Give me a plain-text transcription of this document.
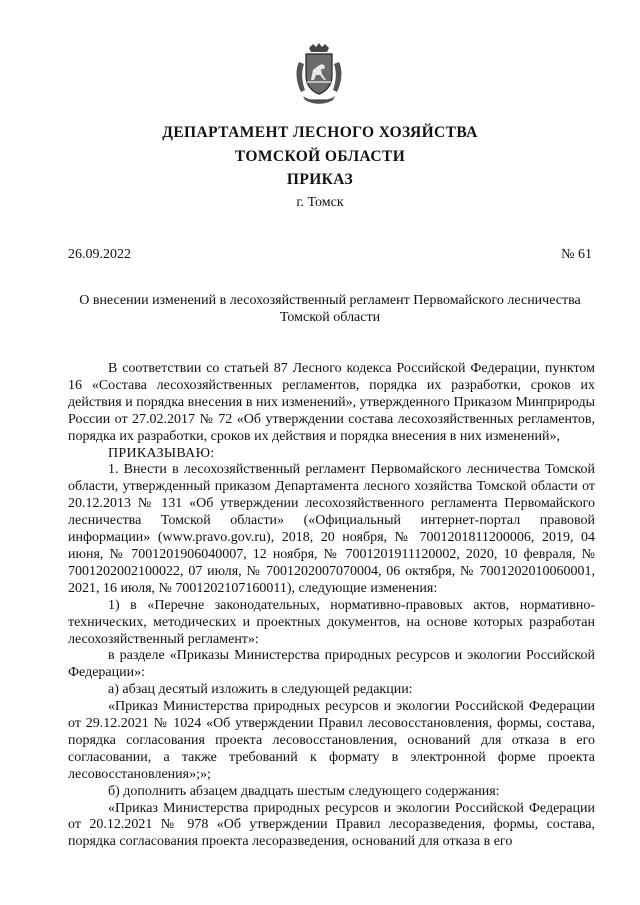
ДЕПАРТАМЕНТ ЛЕСНОГО ХОЗЯЙСТВА
ТОМСКОЙ ОБЛАСТИ
ПРИКАЗ
г. Томск
26.09.2022	№ 61
О внесении изменений в лесохозяйственный регламент Первомайского лесничества Томской области

В соответствии со статьей 87 Лесного кодекса Российской Федерации, пунктом 16 «Состава лесохозяйственных регламентов, порядка их разработки, сроков их действия и порядка внесения в них изменений», утвержденного Приказом Минприроды России от 27.02.2017 № 72 «Об утверждении состава лесохозяйственных регламентов, порядка их разработки, сроков их действия и порядка внесения в них изменений»,

ПРИКАЗЫВАЮ:

1. Внести в лесохозяйственный регламент Первомайского лесничества Томской области, утвержденный приказом Департамента лесного хозяйства Томской области от 20.12.2013 № 131 «Об утверждении лесохозяйственного регламента Первомайского лесничества Томской области» («Официальный интернет-портал правовой информации» (www.pravo.gov.ru), 2018, 20 ноября, № 7001201811200006, 2019, 04 июня, № 7001201906040007, 12 ноября, № 7001201911120002, 2020, 10 февраля, № 7001202002100022, 07 июля, № 7001202007070004, 06 октября, № 7001202010060001, 2021, 16 июля, № 7001202107160011), следующие изменения:

1) в «Перечне законодательных, нормативно-правовых актов, нормативно-технических, методических и проектных документов, на основе которых разработан лесохозяйственный регламент»:

в разделе «Приказы Министерства природных ресурсов и экологии Российской Федерации»:

а) абзац десятый изложить в следующей редакции:

«Приказ Министерства природных ресурсов и экологии Российской Федерации от 29.12.2021 № 1024 «Об утверждении Правил лесовосстановления, формы, состава, порядка согласования проекта лесовосстановления, оснований для отказа в его согласовании, а также требований к формату в электронной форме проекта лесовосстановления»;»;

б) дополнить абзацем двадцать шестым следующего содержания:

«Приказ Министерства природных ресурсов и экологии Российской Федерации от 20.12.2021 № 978 «Об утверждении Правил лесоразведения, формы, состава, порядка согласования проекта лесоразведения, оснований для отказа в его
